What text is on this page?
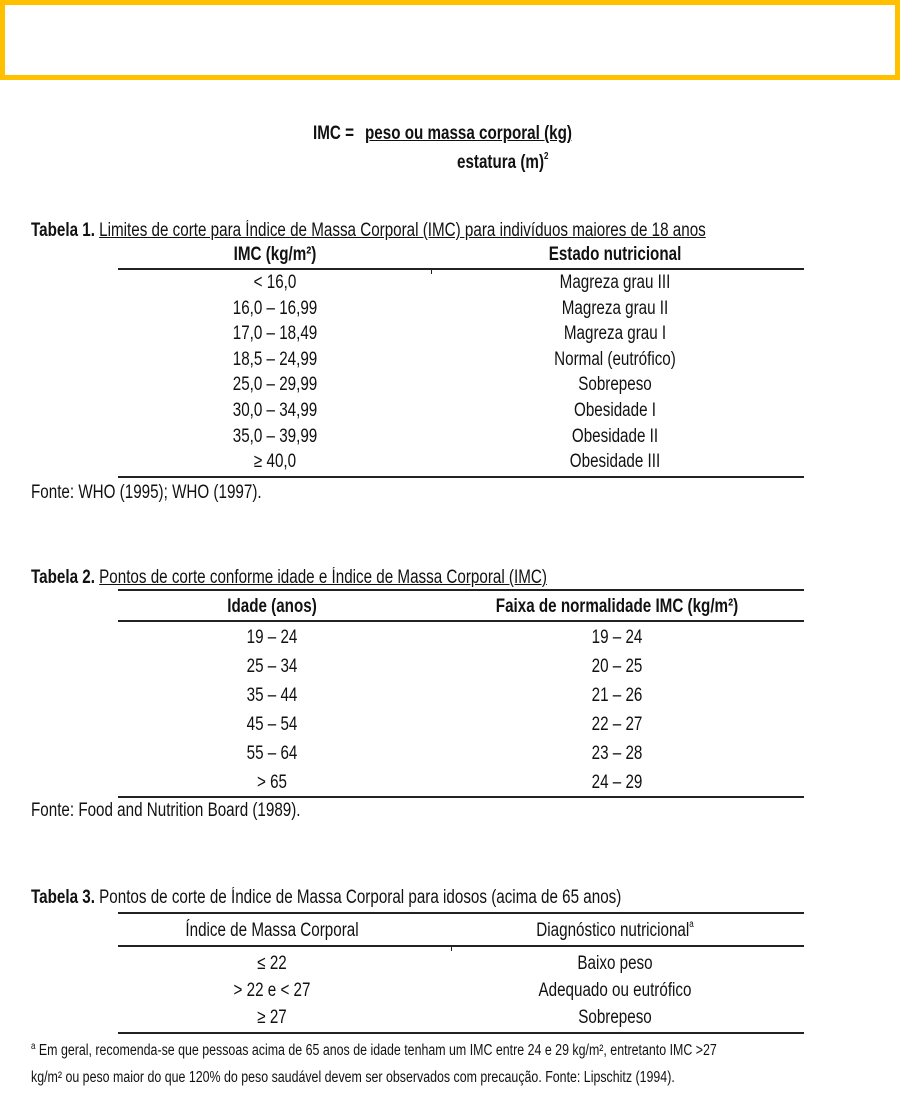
IMC = peso ou massa corporal (kg)
estatura $(m)^2$
Tabela 1. Limites de corte para Índice de Massa Corporal (IMC) para indivíduos maiores de 18 anos
IMC (kg/m²)	Estado nutricional
< 16,0	Magreza grau III
16,0 – 16,99	Magreza grau II
17,0 – 18,49	Magreza grau I
18,5 – 24,99	Normal (eutrófico)
25,0 – 29,99	Sobrepeso
30,0 – 34,99	Obesidade I
35,0 – 39,99	Obesidade II
≥ 40,0	Obesidade III
Fonte: WHO (1995); WHO (1997).
Tabela 2. Pontos de corte conforme idade e Índice de Massa Corporal (IMC)
Idade (anos)	Faixa de normalidade IMC (kg/m²)
19 – 24	19 – 24
25 – 34	20 – 25
35 – 44	21 – 26
45 – 54	22 – 27
55 – 64	23 – 28
> 65	24 – 29
Fonte: Food and Nutrition Board (1989).
Tabela 3. Pontos de corte de Índice de Massa Corporal para idosos (acima de 65 anos)
Índice de Massa Corporal	Diagnóstico nutricional$^a$
≤ 22	Baixo peso
> 22 e < 27	Adequado ou eutrófico
≥ 27	Sobrepeso
$^a$ Em geral, recomenda-se que pessoas acima de 65 anos de idade tenham um IMC entre 24 e 29 kg/m², entretanto IMC >27
kg/m² ou peso maior do que 120% do peso saudável devem ser observados com precaução. Fonte: Lipschitz (1994).
